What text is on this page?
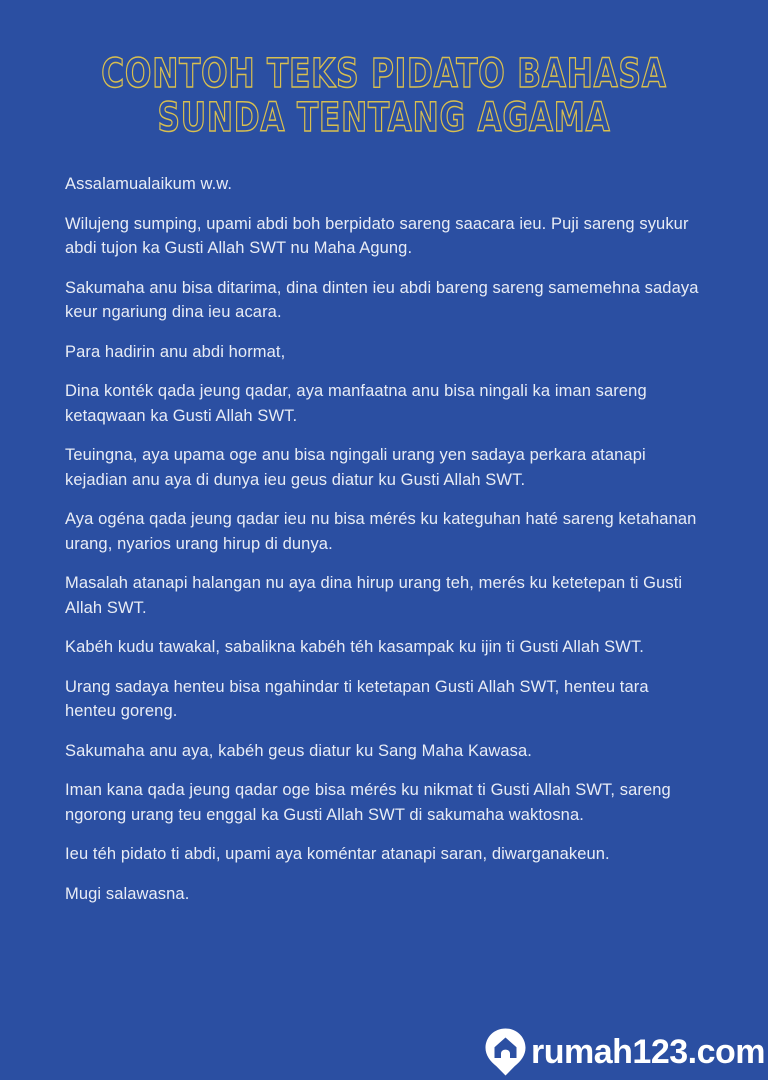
CONTOH TEKS PIDATO BAHASA
SUNDA TENTANG AGAMA

Assalamualaikum w.w.

Wilujeng sumping, upami abdi boh berpidato sareng saacara ieu. Puji sareng syukur abdi tujon ka Gusti Allah SWT nu Maha Agung.

Sakumaha anu bisa ditarima, dina dinten ieu abdi bareng sareng samemehna sadaya keur ngariung dina ieu acara.

Para hadirin anu abdi hormat,

Dina konték qada jeung qadar, aya manfaatna anu bisa ningali ka iman sareng ketaqwaan ka Gusti Allah SWT.

Teuingna, aya upama oge anu bisa ngingali urang yen sadaya perkara atanapi kejadian anu aya di dunya ieu geus diatur ku Gusti Allah SWT.

Aya ogéna qada jeung qadar ieu nu bisa mérés ku kateguhan haté sareng ketahanan urang, nyarios urang hirup di dunya.

Masalah atanapi halangan nu aya dina hirup urang teh, merés ku ketetepan ti Gusti Allah SWT.

Kabéh kudu tawakal, sabalikna kabéh téh kasampak ku ijin ti Gusti Allah SWT.

Urang sadaya henteu bisa ngahindar ti ketetapan Gusti Allah SWT, henteu tara henteu goreng.

Sakumaha anu aya, kabéh geus diatur ku Sang Maha Kawasa.

Iman kana qada jeung qadar oge bisa mérés ku nikmat ti Gusti Allah SWT, sareng ngorong urang teu enggal ka Gusti Allah SWT di sakumaha waktosna.

Ieu téh pidato ti abdi, upami aya koméntar atanapi saran, diwarganakeun.

Mugi salawasna.

rumah123.com
